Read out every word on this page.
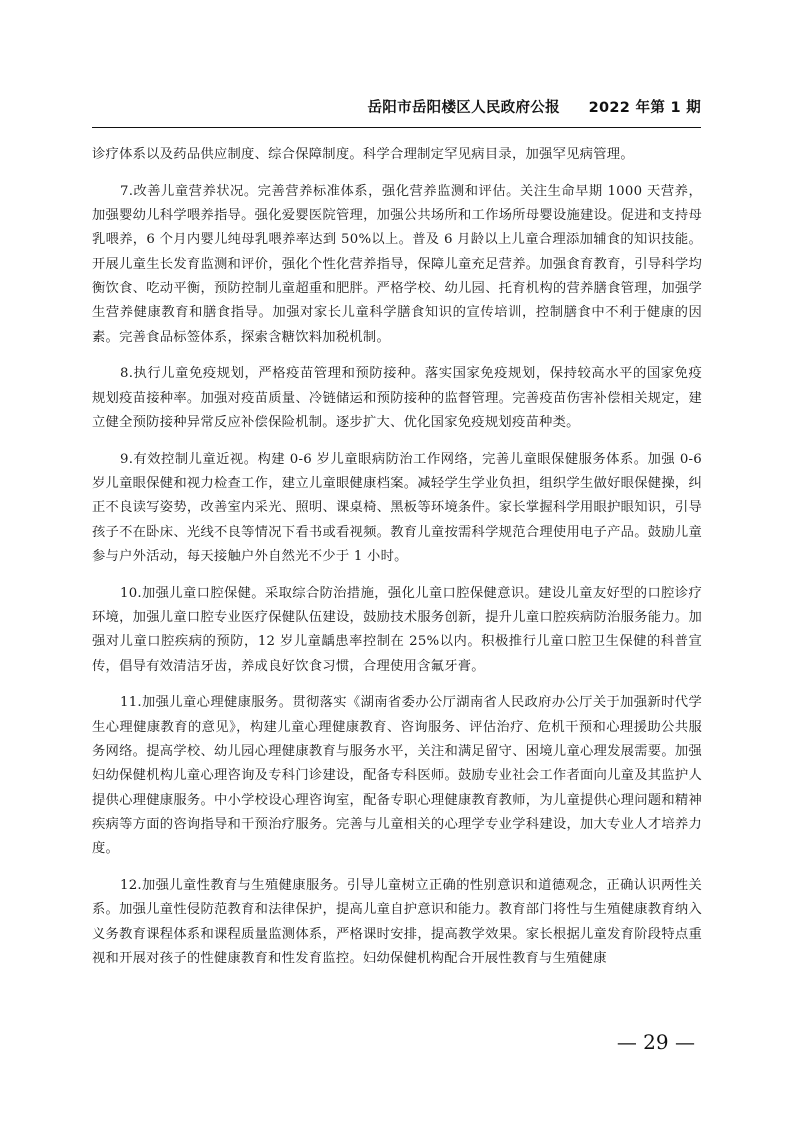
岳阳市岳阳楼区人民政府公报 2022 年第 1 期

诊疗体系以及药品供应制度、综合保障制度。科学合理制定罕见病目录，加强罕见病管理。

7.改善儿童营养状况。完善营养标准体系，强化营养监测和评估。关注生命早期 1000 天营养，加强婴幼儿科学喂养指导。强化爱婴医院管理，加强公共场所和工作场所母婴设施建设。促进和支持母乳喂养，6 个月内婴儿纯母乳喂养率达到 50%以上。普及 6 月龄以上儿童合理添加辅食的知识技能。开展儿童生长发育监测和评价，强化个性化营养指导，保障儿童充足营养。加强食育教育，引导科学均衡饮食、吃动平衡，预防控制儿童超重和肥胖。严格学校、幼儿园、托育机构的营养膳食管理，加强学生营养健康教育和膳食指导。加强对家长儿童科学膳食知识的宣传培训，控制膳食中不利于健康的因素。完善食品标签体系，探索含糖饮料加税机制。

8.执行儿童免疫规划，严格疫苗管理和预防接种。落实国家免疫规划，保持较高水平的国家免疫规划疫苗接种率。加强对疫苗质量、冷链储运和预防接种的监督管理。完善疫苗伤害补偿相关规定，建立健全预防接种异常反应补偿保险机制。逐步扩大、优化国家免疫规划疫苗种类。

9.有效控制儿童近视。构建 0-6 岁儿童眼病防治工作网络，完善儿童眼保健服务体系。加强 0-6 岁儿童眼保健和视力检查工作，建立儿童眼健康档案。减轻学生学业负担，组织学生做好眼保健操，纠正不良读写姿势，改善室内采光、照明、课桌椅、黑板等环境条件。家长掌握科学用眼护眼知识，引导孩子不在卧床、光线不良等情况下看书或看视频。教育儿童按需科学规范合理使用电子产品。鼓励儿童参与户外活动，每天接触户外自然光不少于 1 小时。

10.加强儿童口腔保健。采取综合防治措施，强化儿童口腔保健意识。建设儿童友好型的口腔诊疗环境，加强儿童口腔专业医疗保健队伍建设，鼓励技术服务创新，提升儿童口腔疾病防治服务能力。加强对儿童口腔疾病的预防，12 岁儿童龋患率控制在 25%以内。积极推行儿童口腔卫生保健的科普宣传，倡导有效清洁牙齿，养成良好饮食习惯，合理使用含氟牙膏。

11.加强儿童心理健康服务。贯彻落实《湖南省委办公厅湖南省人民政府办公厅关于加强新时代学生心理健康教育的意见》，构建儿童心理健康教育、咨询服务、评估治疗、危机干预和心理援助公共服务网络。提高学校、幼儿园心理健康教育与服务水平，关注和满足留守、困境儿童心理发展需要。加强妇幼保健机构儿童心理咨询及专科门诊建设，配备专科医师。鼓励专业社会工作者面向儿童及其监护人提供心理健康服务。中小学校设心理咨询室，配备专职心理健康教育教师，为儿童提供心理问题和精神疾病等方面的咨询指导和干预治疗服务。完善与儿童相关的心理学专业学科建设，加大专业人才培养力度。

12.加强儿童性教育与生殖健康服务。引导儿童树立正确的性别意识和道德观念，正确认识两性关系。加强儿童性侵防范教育和法律保护，提高儿童自护意识和能力。教育部门将性与生殖健康教育纳入义务教育课程体系和课程质量监测体系，严格课时安排，提高教学效果。家长根据儿童发育阶段特点重视和开展对孩子的性健康教育和性发育监控。妇幼保健机构配合开展性教育与生殖健康

— 29 —
